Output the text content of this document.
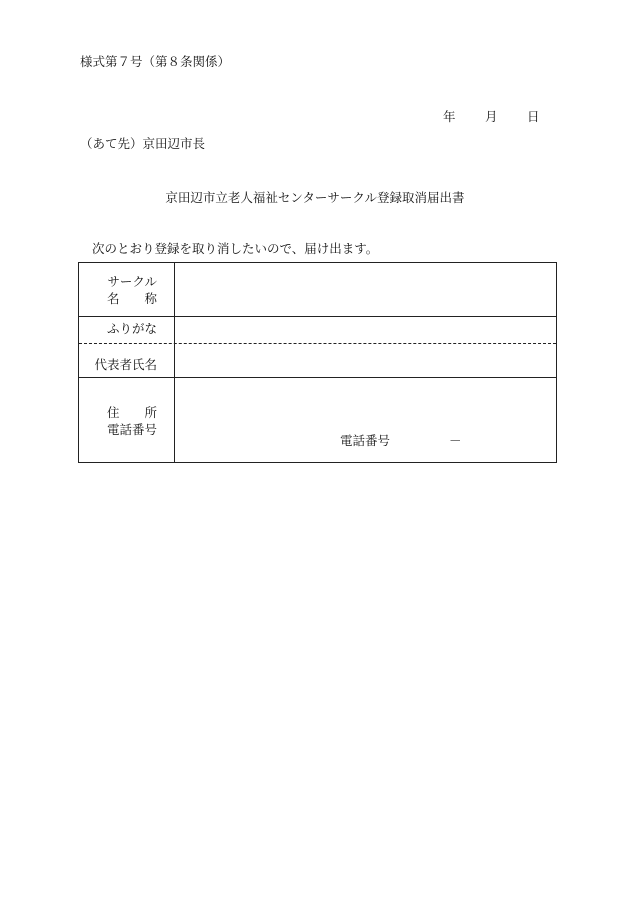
様式第７号（第８条関係）
年 月 日
（あて先）京田辺市長
京田辺市立老人福祉センターサークル登録取消届出書
次のとおり登録を取り消したいので、届け出ます。
サークル
名　　称
ふりがな
代表者氏名
住　　所
電話番号
電話番号	－
